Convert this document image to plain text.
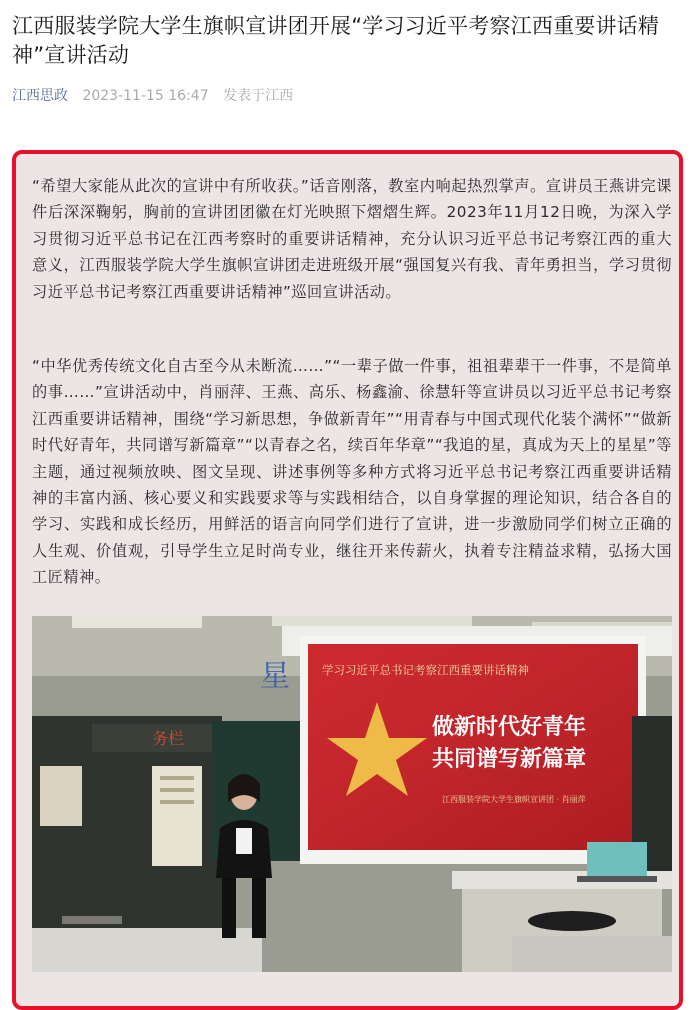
江西服装学院大学生旗帜宣讲团开展“学习习近平考察江西重要讲话精神”宣讲活动
江西思政 2023-11-15 16:47 发表于江西

“希望大家能从此次的宣讲中有所收获。”话音刚落，教室内响起热烈掌声。宣讲员王燕讲完课件后深深鞠躬，胸前的宣讲团团徽在灯光映照下熠熠生辉。2023年11月12日晚，为深入学习贯彻习近平总书记在江西考察时的重要讲话精神，充分认识习近平总书记考察江西的重大意义，江西服装学院大学生旗帜宣讲团走进班级开展“强国复兴有我、青年勇担当，学习贯彻习近平总书记考察江西重要讲话精神”巡回宣讲活动。

“中华优秀传统文化自古至今从未断流……”“一辈子做一件事，祖祖辈辈干一件事，不是简单的事……”宣讲活动中，肖丽萍、王燕、高乐、杨鑫渝、徐慧轩等宣讲员以习近平总书记考察江西重要讲话精神，围绕“学习新思想，争做新青年”“用青春与中国式现代化装个满怀”“做新时代好青年，共同谱写新篇章”“以青春之名，续百年华章”“我追的星，真成为天上的星星”等主题，通过视频放映、图文呈现、讲述事例等多种方式将习近平总书记考察江西重要讲话精神的丰富内涵、核心要义和实践要求等与实践相结合，以自身掌握的理论知识，结合各自的学习、实践和成长经历，用鲜活的语言向同学们进行了宣讲，进一步激励同学们树立正确的人生观、价值观，引导学生立足时尚专业，继往开来传薪火，执着专注精益求精，弘扬大国工匠精神。

星
务栏
学习习近平总书记考察江西重要讲话精神
做新时代好青年
共同谱写新篇章
江西服装学院大学生旗帜宣讲团 · 肖丽萍
